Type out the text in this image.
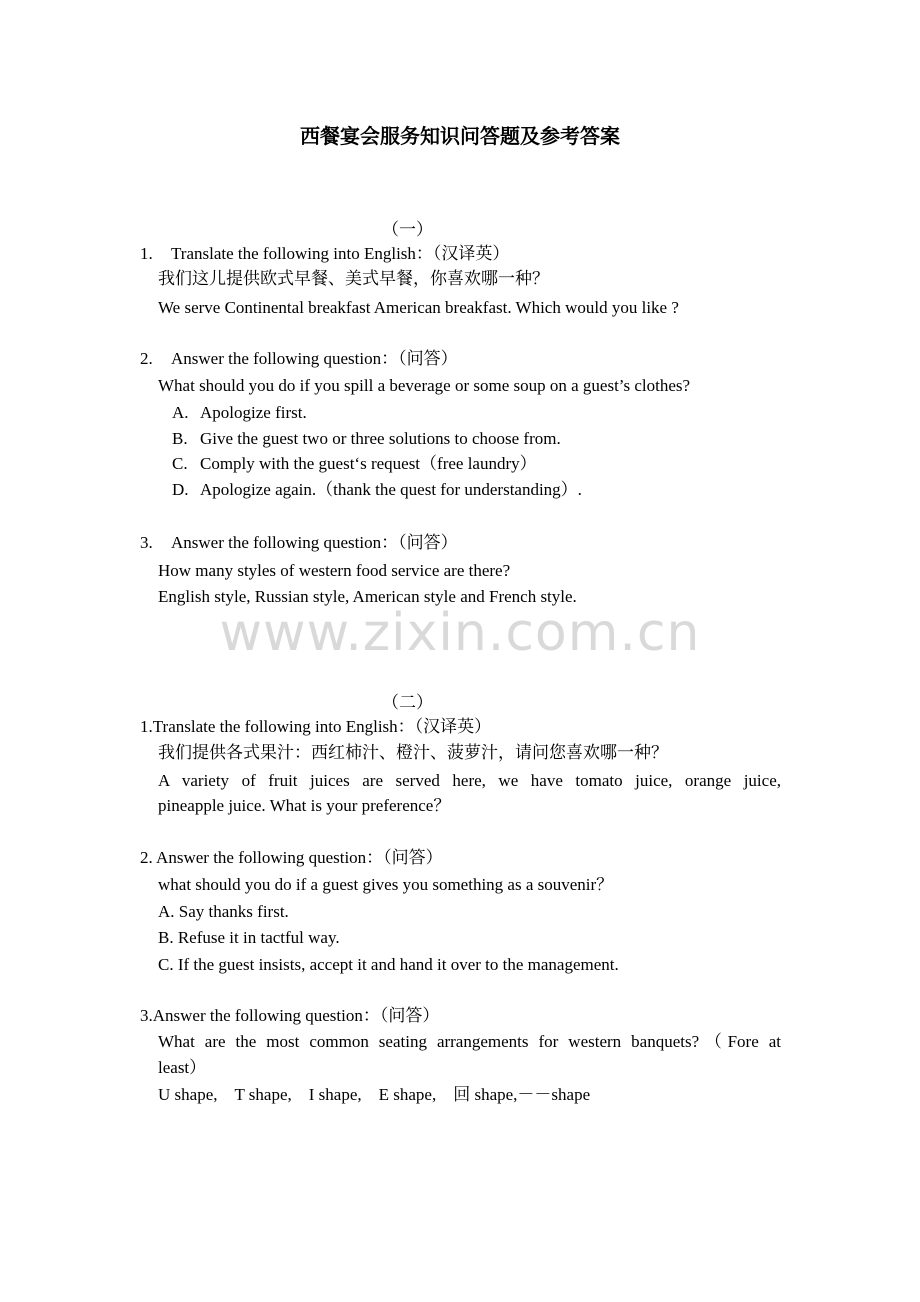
西餐宴会服务知识问答题及参考答案
（一）
1. Translate the following into English：（汉译英）
我们这儿提供欧式早餐、美式早餐，你喜欢哪一种？
We serve Continental breakfast American breakfast. Which would you like ?
2. Answer the following question：（问答）
What should you do if you spill a beverage or some soup on a guest’s clothes?
A. Apologize first.
B. Give the guest two or three solutions to choose from.
C. Comply with the guest‘s request（free laundry）
D. Apologize again.（thank the quest for understanding）.
3. Answer the following question：（问答）
How many styles of western food service are there?
English style, Russian style, American style and French style.
www.zixin.com.cn
（二）
1.Translate the following into English：（汉译英）
我们提供各式果汁：西红柿汁、橙汁、菠萝汁，请问您喜欢哪一种？
A variety of fruit juices are served here, we have tomato juice, orange juice,
pineapple juice. What is your preference？
2. Answer the following question：（问答）
what should you do if a guest gives you something as a souvenir？
A. Say thanks first.
B. Refuse it in tactful way.
C. If the guest insists, accept it and hand it over to the management.
3.Answer the following question：（问答）
What are the most common seating arrangements for western banquets?（Fore at
least）
U shape,　T shape,　I shape,　E shape,　回 shape,－－shape
